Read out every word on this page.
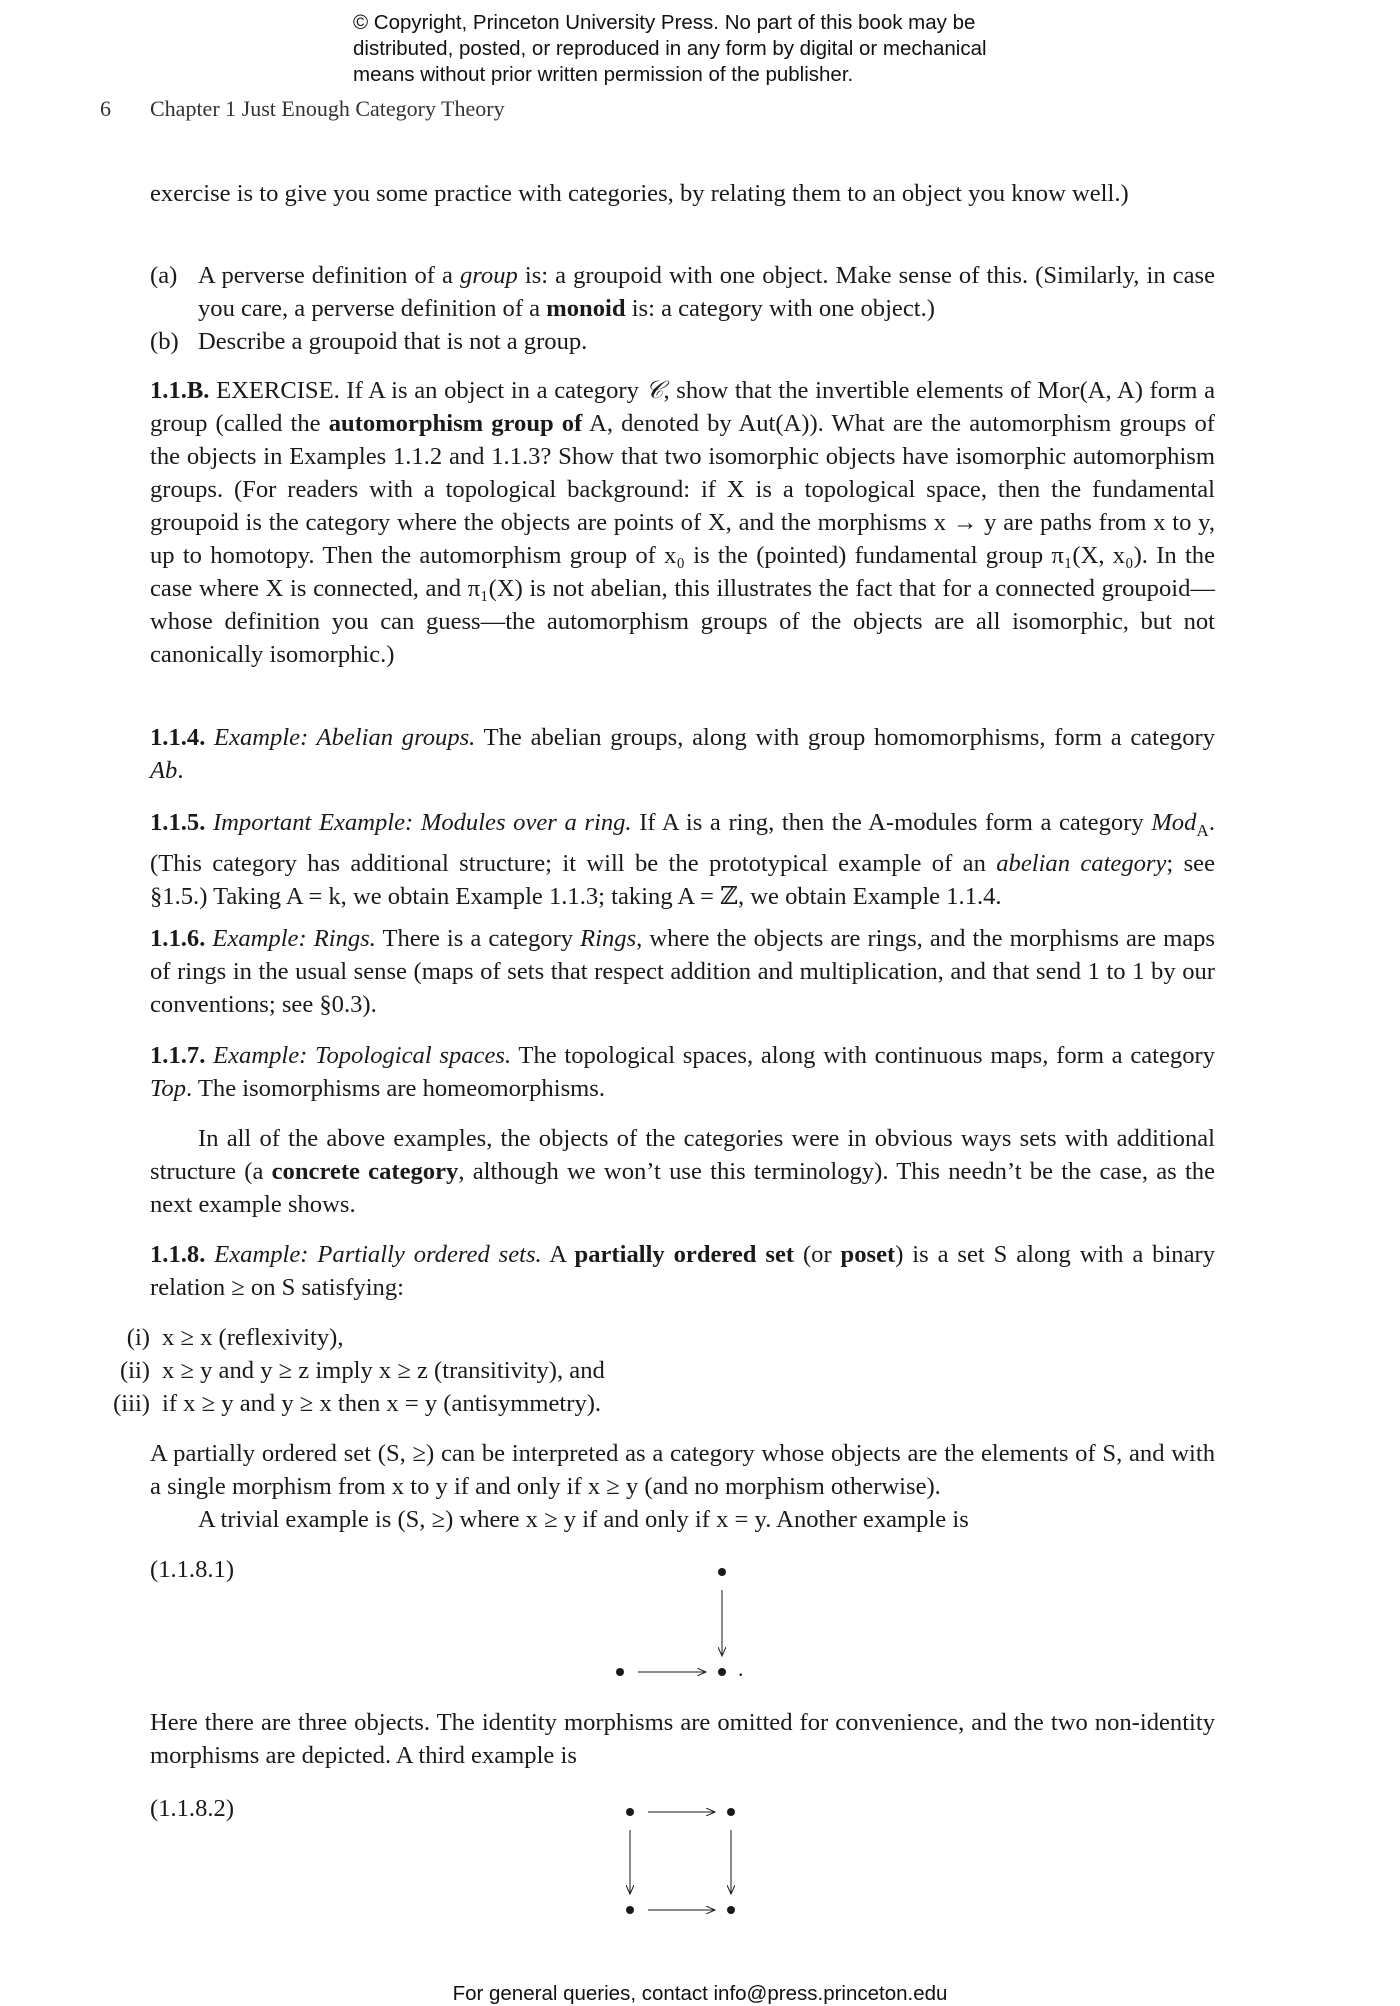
© Copyright, Princeton University Press. No part of this book may be
distributed, posted, or reproduced in any form by digital or mechanical
means without prior written permission of the publisher.
6 Chapter 1 Just Enough Category Theory

exercise is to give you some practice with categories, by relating them to an object you know well.)

(a) A perverse definition of a group is: a groupoid with one object. Make sense of this. (Similarly, in case you care, a perverse definition of a monoid is: a category with one object.)
(b) Describe a groupoid that is not a group.

1.1.B. EXERCISE. If A is an object in a category 𝒞, show that the invertible elements of Mor(A, A) form a group (called the automorphism group of A, denoted by Aut(A)). What are the automorphism groups of the objects in Examples 1.1.2 and 1.1.3? Show that two isomorphic objects have isomorphic automorphism groups. (For readers with a topological background: if X is a topological space, then the fundamental groupoid is the category where the objects are points of X, and the morphisms x → y are paths from x to y, up to homotopy. Then the automorphism group of x₀ is the (pointed) fundamental group π₁(X, x₀). In the case where X is connected, and π₁(X) is not abelian, this illustrates the fact that for a connected groupoid—whose definition you can guess—the automorphism groups of the objects are all isomorphic, but not canonically isomorphic.)

1.1.4. Example: Abelian groups. The abelian groups, along with group homomorphisms, form a category Ab.

1.1.5. Important Example: Modules over a ring. If A is a ring, then the A-modules form a category Mod$_A$. (This category has additional structure; it will be the prototypical example of an abelian category; see §1.5.) Taking A = k, we obtain Example 1.1.3; taking A = ℤ, we obtain Example 1.1.4.

1.1.6. Example: Rings. There is a category Rings, where the objects are rings, and the morphisms are maps of rings in the usual sense (maps of sets that respect addition and multiplication, and that send 1 to 1 by our conventions; see §0.3).

1.1.7. Example: Topological spaces. The topological spaces, along with continuous maps, form a category Top. The isomorphisms are homeomorphisms.

In all of the above examples, the objects of the categories were in obvious ways sets with additional structure (a concrete category, although we won’t use this terminology). This needn’t be the case, as the next example shows.

1.1.8. Example: Partially ordered sets. A partially ordered set (or poset) is a set S along with a binary relation ≥ on S satisfying:

(i) x ≥ x (reflexivity),
(ii) x ≥ y and y ≥ z imply x ≥ z (transitivity), and
(iii) if x ≥ y and y ≥ x then x = y (antisymmetry).

A partially ordered set (S, ≥) can be interpreted as a category whose objects are the elements of S, and with a single morphism from x to y if and only if x ≥ y (and no morphism otherwise).

A trivial example is (S, ≥) where x ≥ y if and only if x = y. Another example is

(1.1.8.1)
.

Here there are three objects. The identity morphisms are omitted for convenience, and the two non-identity morphisms are depicted. A third example is

(1.1.8.2)
For general queries, contact info@press.princeton.edu
